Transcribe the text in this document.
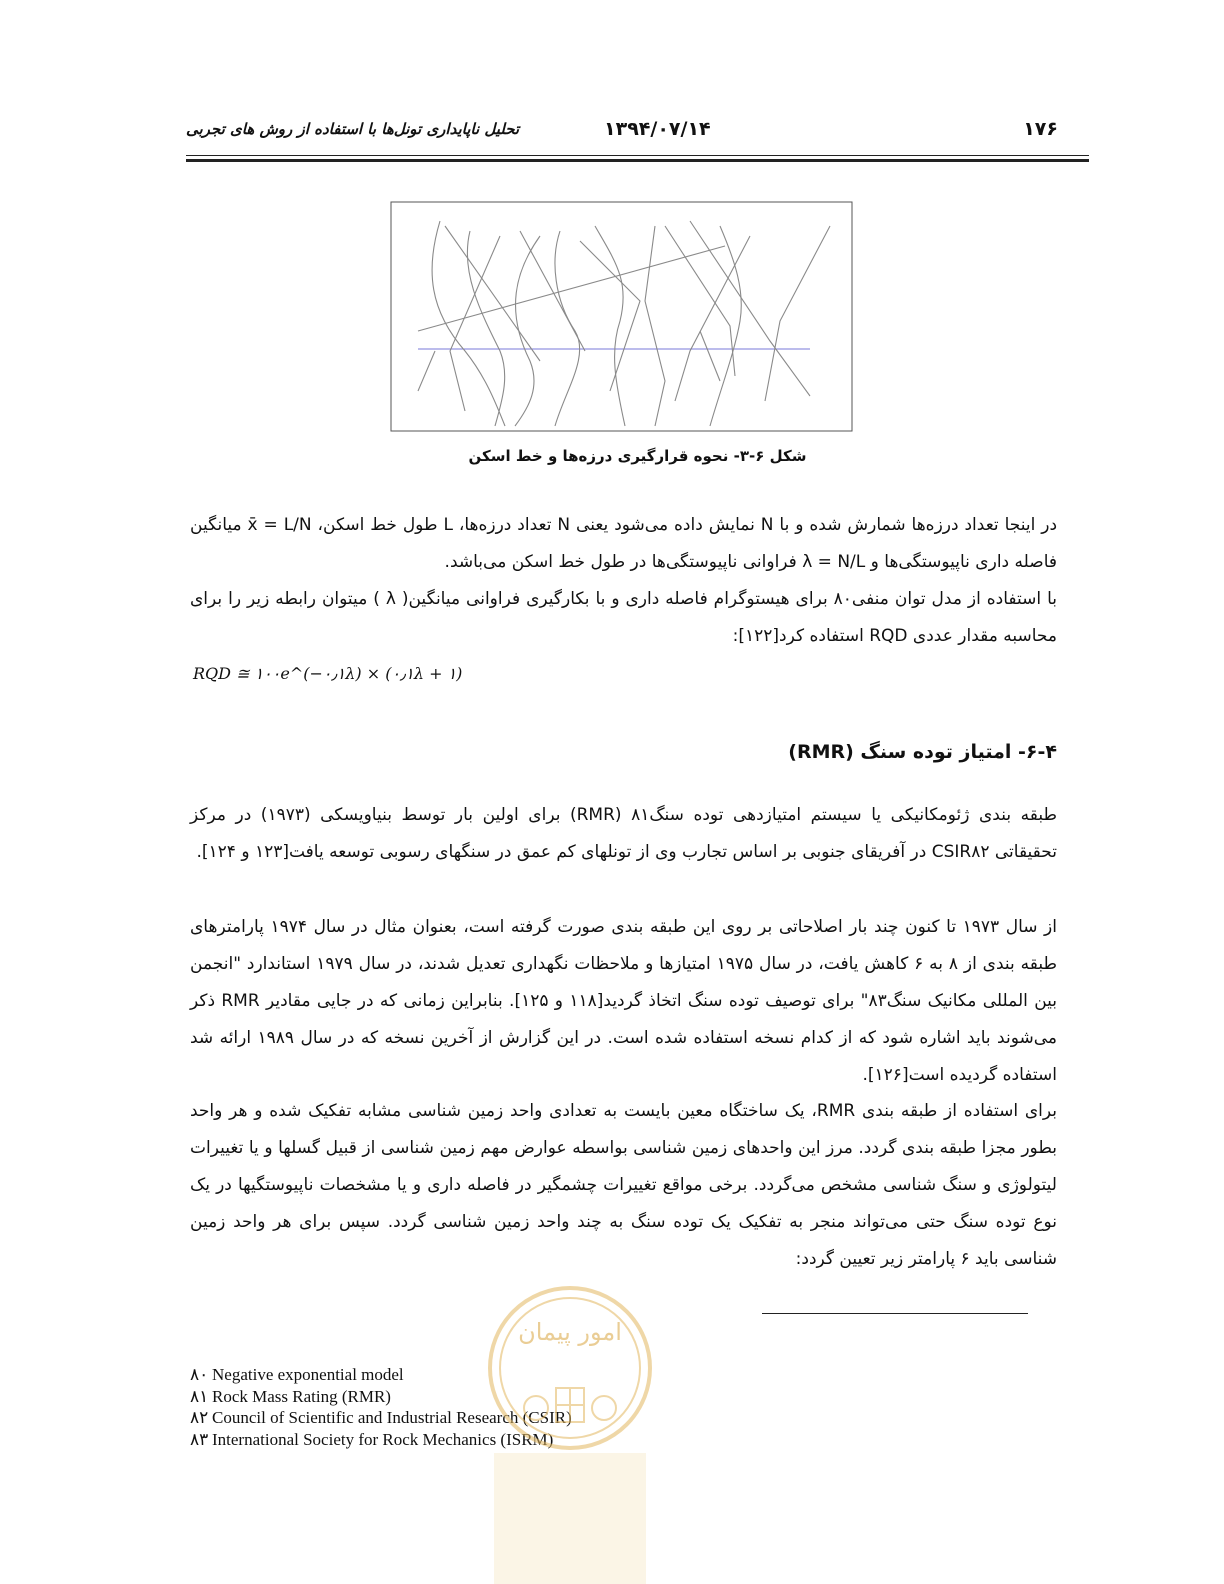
۱۷۶
۱۳۹۴/۰۷/۱۴
تحلیل ناپایداری تونل‌ها با استفاده از روش های تجربی
شکل ۶-۳- نحوه قرارگیری درزه‌ها و خط اسکن
در اینجا تعداد درزه‌ها شمارش شده و با N نمایش داده می‌شود یعنی N تعداد درزه‌ها، L طول خط اسکن، x̄ = L/N میانگین فاصله داری ناپیوستگی‌ها و λ = N/L فراوانی ناپیوستگی‌ها در طول خط اسکن می‌باشد.
با استفاده از مدل توان منفی۸۰ برای هیستوگرام فاصله داری و با بکارگیری فراوانی میانگین( λ ) میتوان رابطه زیر را برای محاسبه مقدار عددی RQD استفاده کرد[۱۲۲]:
RQD ≅ ۱۰۰e^(−۰٫۱λ) × (۰٫۱λ + ۱)
۶-۴- امتیاز توده سنگ (RMR)
طبقه بندی ژئومکانیکی یا سیستم امتیازدهی توده سنگ۸۱ (RMR) برای اولین بار توسط بنیاویسکی (۱۹۷۳) در مرکز تحقیقاتی CSIR۸۲ در آفریقای جنوبی بر اساس تجارب وی از تونلهای کم عمق در سنگهای رسوبی توسعه یافت[۱۲۳ و ۱۲۴].
از سال ۱۹۷۳ تا کنون چند بار اصلاحاتی بر روی این طبقه بندی صورت گرفته است، بعنوان مثال در سال ۱۹۷۴ پارامترهای طبقه بندی از ۸ به ۶ کاهش یافت، در سال ۱۹۷۵ امتیازها و ملاحظات نگهداری تعدیل شدند، در سال ۱۹۷۹ استاندارد "انجمن بین المللی مکانیک سنگ۸۳" برای توصیف توده سنگ اتخاذ گردید[۱۱۸ و ۱۲۵]. بنابراین زمانی که در جایی مقادیر RMR ذکر می‌شوند باید اشاره شود که از کدام نسخه استفاده شده است. در این گزارش از آخرین نسخه که در سال ۱۹۸۹ ارائه شد استفاده گردیده است[۱۲۶].
برای استفاده از طبقه بندی RMR، یک ساختگاه معین بایست به تعدادی واحد زمین شناسی مشابه تفکیک شده و هر واحد بطور مجزا طبقه بندی گردد. مرز این واحدهای زمین شناسی بواسطه عوارض مهم زمین شناسی از قبیل گسلها و یا تغییرات لیتولوژی و سنگ شناسی مشخص می‌گردد. برخی مواقع تغییرات چشمگیر در فاصله داری و یا مشخصات ناپیوستگیها در یک نوع توده سنگ حتی می‌تواند منجر به تفکیک یک توده سنگ به چند واحد زمین شناسی گردد. سپس برای هر واحد زمین شناسی باید ۶ پارامتر زیر تعیین گردد:
۸۰ Negative exponential model
۸۱ Rock Mass Rating (RMR)
۸۲ Council of Scientific and Industrial Research (CSIR)
۸۳ International Society for Rock Mechanics (ISRM)
امور پیمان
